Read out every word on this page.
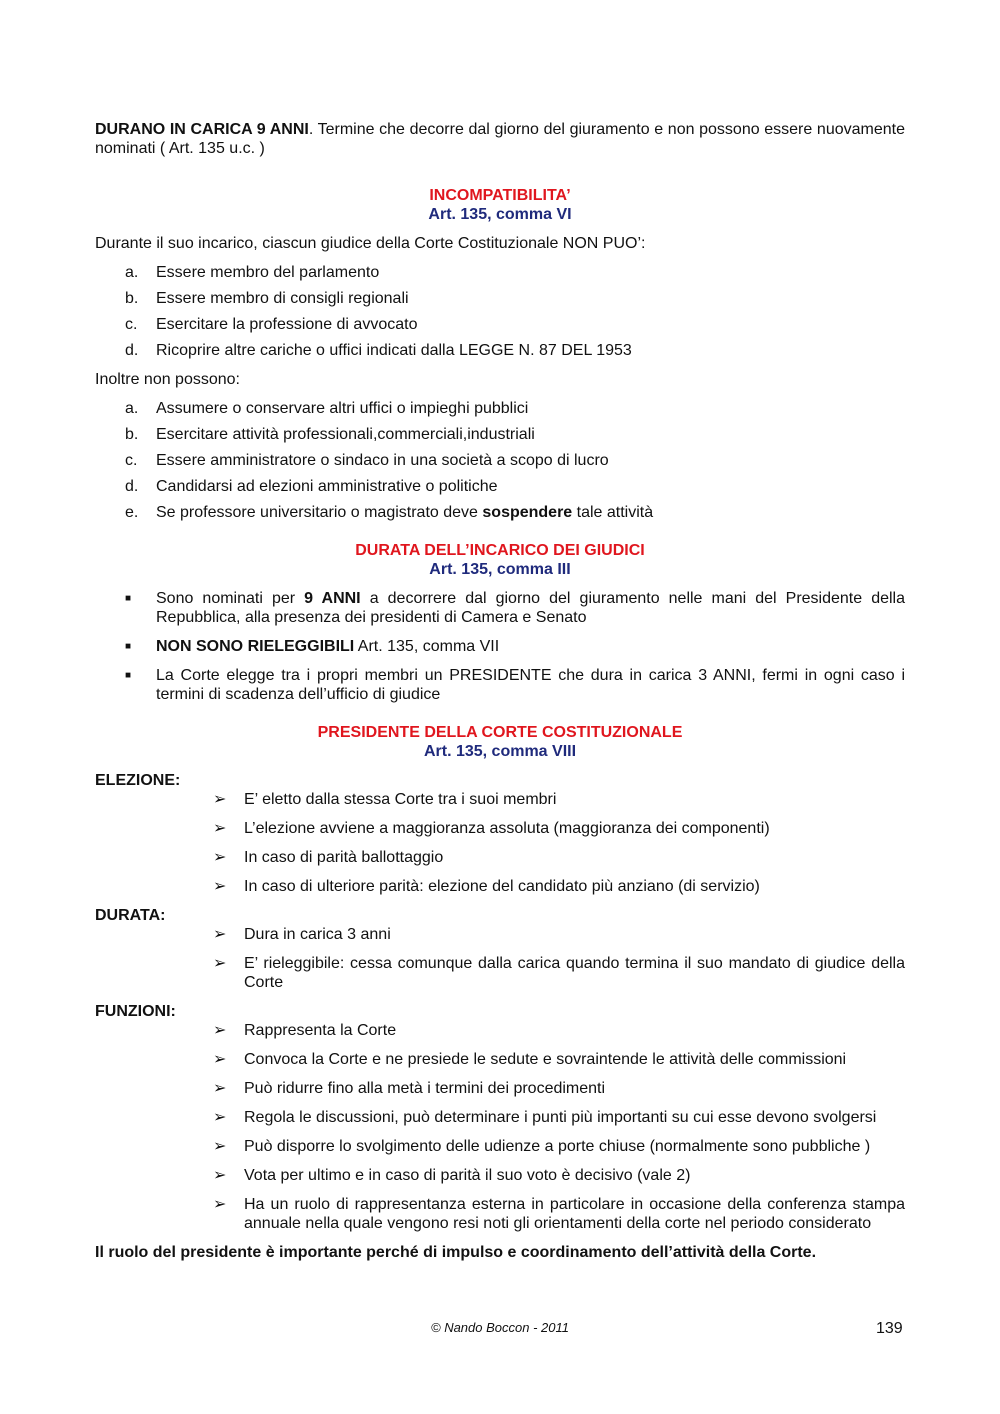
DURANO IN CARICA 9 ANNI. Termine che decorre dal giorno del giuramento e non possono essere nuovamente nominati ( Art. 135 u.c. )

INCOMPATIBILITA’
Art. 135, comma VI

Durante il suo incarico, ciascun giudice della Corte Costituzionale NON PUO’:

a. Essere membro del parlamento
b. Essere membro di consigli regionali
c. Esercitare la professione di avvocato
d. Ricoprire altre cariche o uffici indicati dalla LEGGE N. 87 DEL 1953

Inoltre non possono:

a. Assumere o conservare altri uffici o impieghi pubblici
b. Esercitare attività professionali,commerciali,industriali
c. Essere amministratore o sindaco in una società a scopo di lucro
d. Candidarsi ad elezioni amministrative o politiche
e. Se professore universitario o magistrato deve sospendere tale attività

DURATA DELL’INCARICO DEI GIUDICI
Art. 135, comma III

■ Sono nominati per 9 ANNI a decorrere dal giorno del giuramento nelle mani del Presidente della Repubblica, alla presenza dei presidenti di Camera e Senato
■ NON SONO RIELEGGIBILI Art. 135, comma VII
■ La Corte elegge tra i propri membri un PRESIDENTE che dura in carica 3 ANNI, fermi in ogni caso i termini di scadenza dell’ufficio di giudice

PRESIDENTE DELLA CORTE COSTITUZIONALE
Art. 135, comma VIII

ELEZIONE:

➢ E’ eletto dalla stessa Corte tra i suoi membri
➢ L’elezione avviene a maggioranza assoluta (maggioranza dei componenti)
➢ In caso di parità ballottaggio
➢ In caso di ulteriore parità: elezione del candidato più anziano (di servizio)

DURATA:

➢ Dura in carica 3 anni
➢ E’ rieleggibile: cessa comunque dalla carica quando termina il suo mandato di giudice della Corte

FUNZIONI:

➢ Rappresenta la Corte
➢ Convoca la Corte e ne presiede le sedute e sovraintende le attività delle commissioni
➢ Può ridurre fino alla metà i termini dei procedimenti
➢ Regola le discussioni, può determinare i punti più importanti su cui esse devono svolgersi
➢ Può disporre lo svolgimento delle udienze a porte chiuse (normalmente sono pubbliche )
➢ Vota per ultimo e in caso di parità il suo voto è decisivo (vale 2)
➢ Ha un ruolo di rappresentanza esterna in particolare in occasione della conferenza stampa annuale nella quale vengono resi noti gli orientamenti della corte nel periodo considerato

Il ruolo del presidente è importante perché di impulso e coordinamento dell’attività della Corte.

© Nando Boccon - 2011	139
